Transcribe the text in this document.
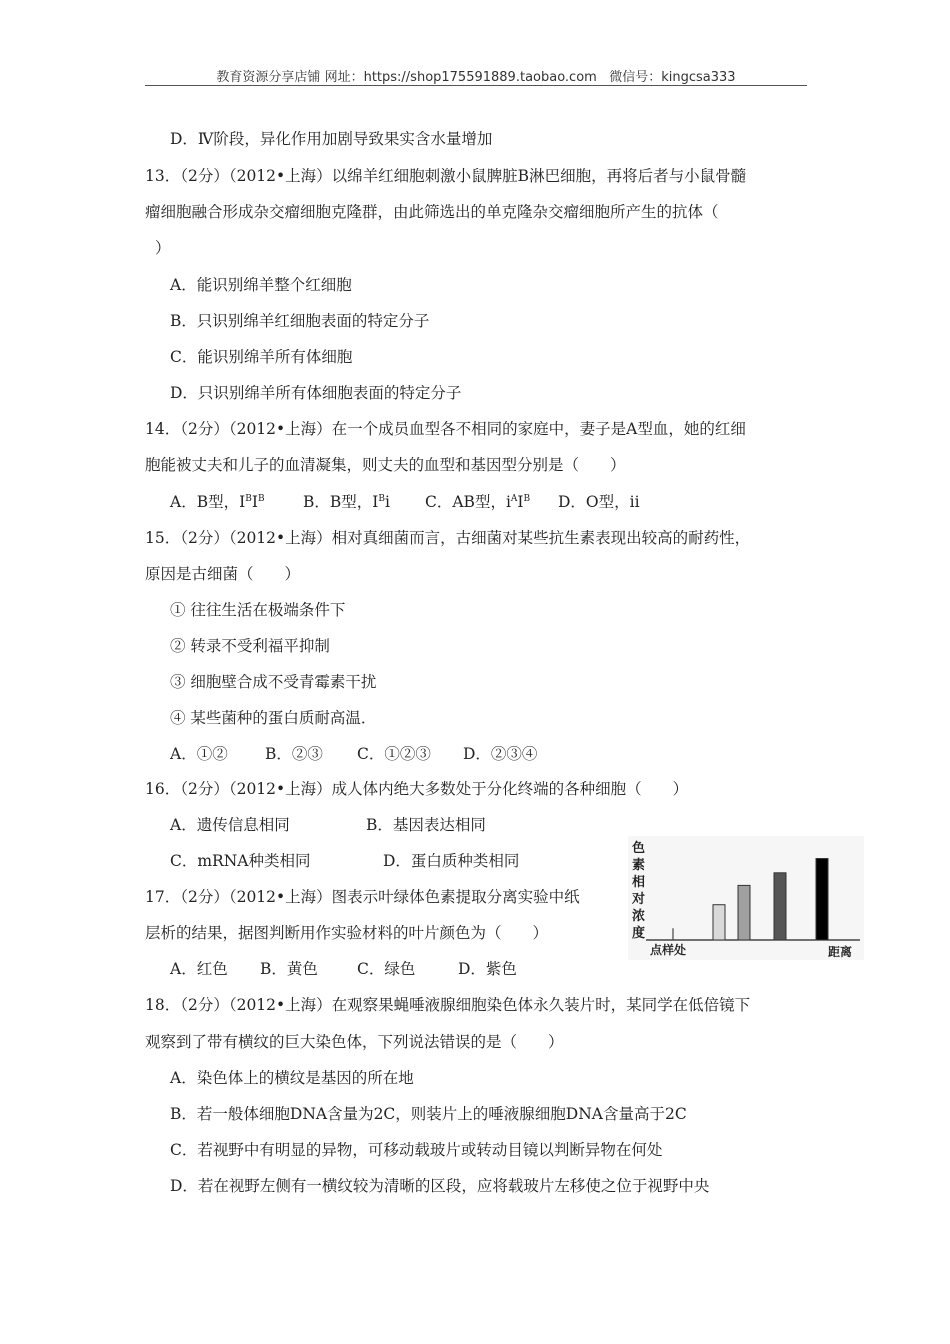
教育资源分享店铺 网址：https://shop175591889.taobao.com 微信号：kingcsa333
D．Ⅳ阶段，异化作用加剧导致果实含水量增加
13．（2分）（2012•上海）以绵羊红细胞刺激小鼠脾脏B淋巴细胞，再将后者与小鼠骨髓
瘤细胞融合形成杂交瘤细胞克隆群，由此筛选出的单克隆杂交瘤细胞所产生的抗体（
）
A．能识别绵羊整个红细胞
B．只识别绵羊红细胞表面的特定分子
C．能识别绵羊所有体细胞
D．只识别绵羊所有体细胞表面的特定分子
14．（2分）（2012•上海）在一个成员血型各不相同的家庭中，妻子是A型血，她的红细
胞能被丈夫和儿子的血清凝集，则丈夫的血型和基因型分别是（　　）
A．B型，$I^BI^B$ B．B型，$I^Bi$ C．AB型，$i^AI^B$ D．O型，ii
15．（2分）（2012•上海）相对真细菌而言，古细菌对某些抗生素表现出较高的耐药性，
原因是古细菌（　　）
① 往往生活在极端条件下
② 转录不受利福平抑制
③ 细胞壁合成不受青霉素干扰
④ 某些菌种的蛋白质耐高温．
A．①② B．②③ C．①②③ D．②③④
16．（2分）（2012•上海）成人体内绝大多数处于分化终端的各种细胞（　　）
A．遗传信息相同	B．基因表达相同
C．mRNA种类相同	D．蛋白质种类相同
17．（2分）（2012•上海）图表示叶绿体色素提取分离实验中纸
层析的结果，据图判断用作实验材料的叶片颜色为（　　）
A．红色 B．黄色	C．绿色	D．紫色
色
素
相
对
浓
度
点样处	距离
18．（2分）（2012•上海）在观察果蝇唾液腺细胞染色体永久装片时，某同学在低倍镜下
观察到了带有横纹的巨大染色体，下列说法错误的是（　　）
A．染色体上的横纹是基因的所在地
B．若一般体细胞DNA含量为2C，则装片上的唾液腺细胞DNA含量高于2C
C．若视野中有明显的异物，可移动载玻片或转动目镜以判断异物在何处
D．若在视野左侧有一横纹较为清晰的区段，应将载玻片左移使之位于视野中央
